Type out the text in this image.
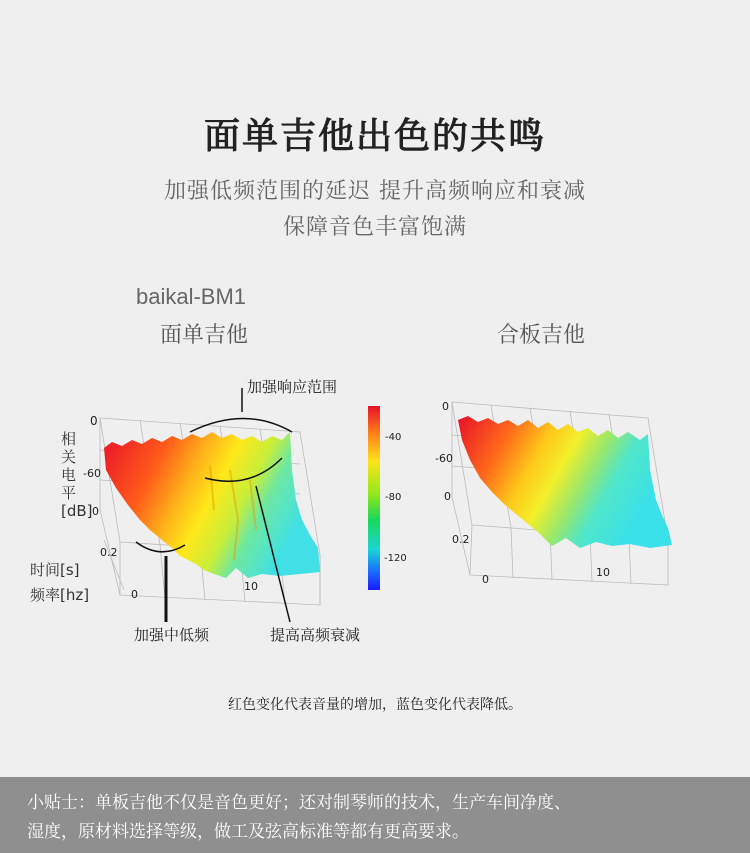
面单吉他出色的共鸣
加强低频范围的延迟 提升高频响应和衰减
保障音色丰富饱满
baikal-BM1
面单吉他	合板吉他
0
-60
0
0.2
0
10
-40
-80
-120
0
-60
0
0.2
0
10
相关电平[dB]
时间[s]
频率[hz]
加强响应范围
加强中低频	提高高频衰减
红色变化代表音量的增加，蓝色变化代表降低。
小贴士：单板吉他不仅是音色更好；还对制琴师的技术，生产车间净度、
湿度，原材料选择等级，做工及弦高标准等都有更高要求。
